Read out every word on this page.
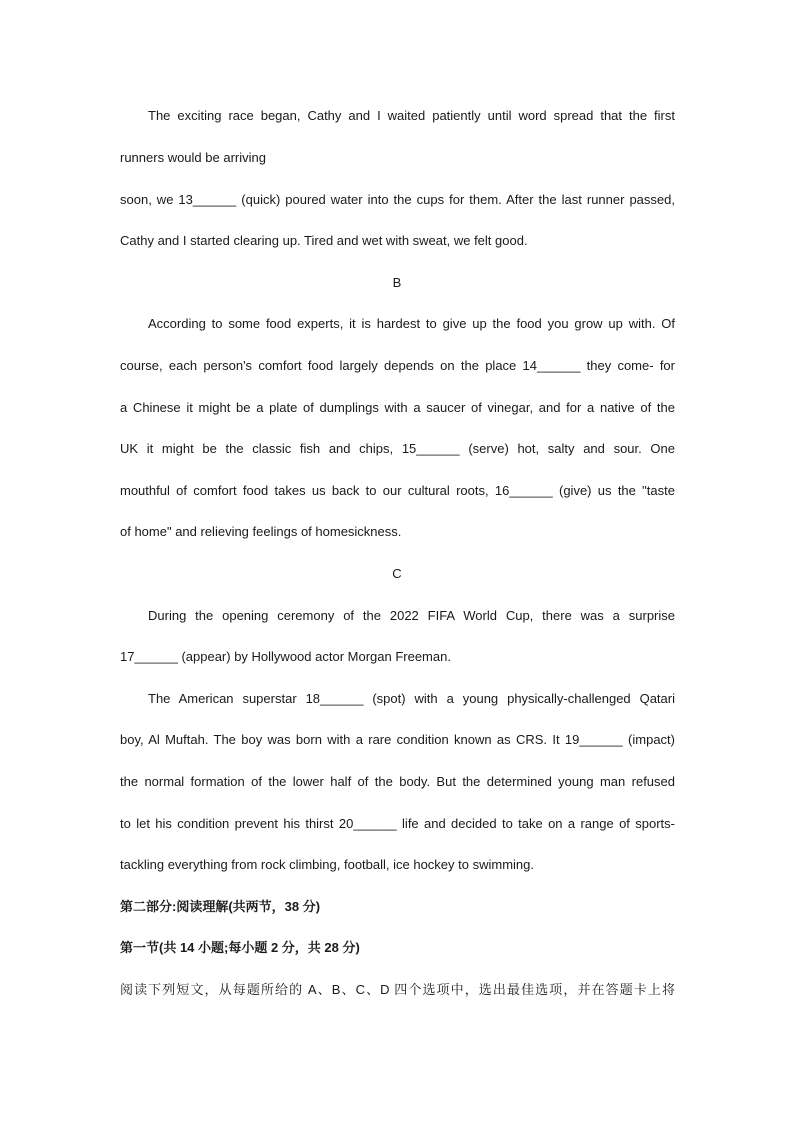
The exciting race began, Cathy and I waited patiently until word spread that the first
runners would be arriving
soon, we 13______ (quick) poured water into the cups for them. After the last runner passed,
Cathy and I started clearing up. Tired and wet with sweat, we felt good.
B
According to some food experts, it is hardest to give up the food you grow up with. Of
course, each person's comfort food largely depends on the place 14______ they come- for
a Chinese it might be a plate of dumplings with a saucer of vinegar, and for a native of the
UK it might be the classic fish and chips, 15______ (serve) hot, salty and sour. One
mouthful of comfort food takes us back to our cultural roots, 16______ (give) us the "taste
of home" and relieving feelings of homesickness.
C
During the opening ceremony of the 2022 FIFA World Cup, there was a surprise
17______ (appear) by Hollywood actor Morgan Freeman.
The American superstar 18______ (spot) with a young physically-challenged Qatari
boy, Al Muftah. The boy was born with a rare condition known as CRS. It 19______ (impact)
the normal formation of the lower half of the body. But the determined young man refused
to let his condition prevent his thirst 20______ life and decided to take on a range of sports-
tackling everything from rock climbing, football, ice hockey to swimming.
第二部分:阅读理解(共两节，38 分)
第一节(共 14 小题;每小题 2 分，共 28 分)
阅读下列短文，从每题所给的 A、B、C、D 四个选项中，选出最佳选项，并在答题卡上将
